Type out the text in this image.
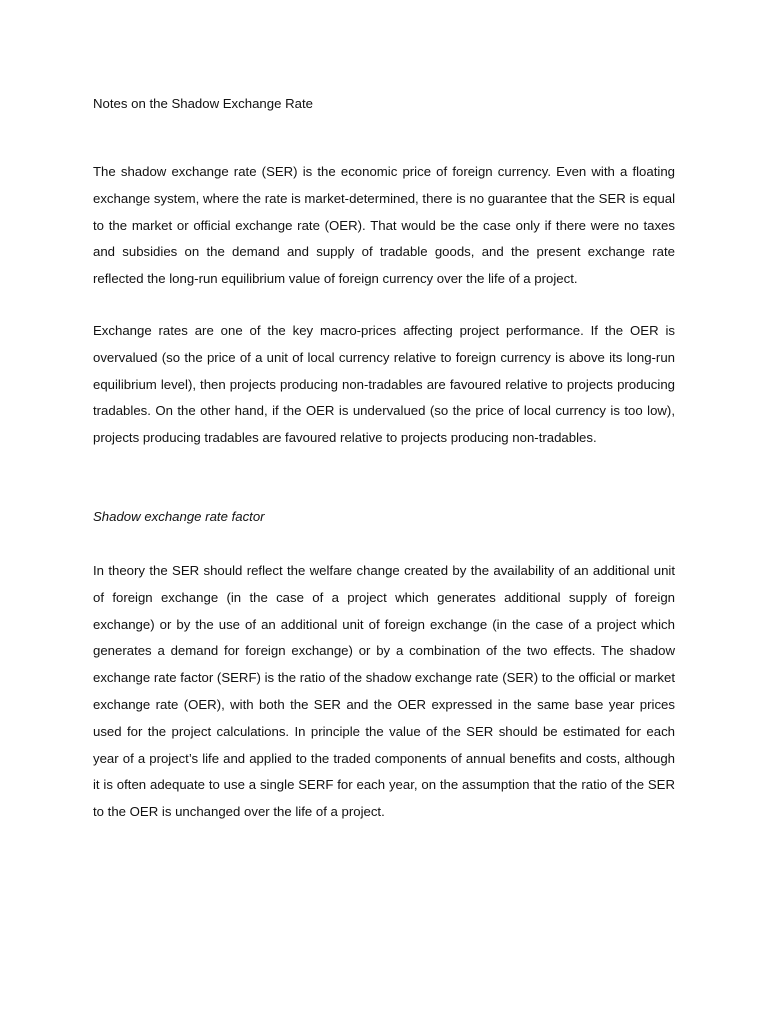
Notes on the Shadow Exchange Rate

The shadow exchange rate (SER) is the economic price of foreign currency. Even with a floating exchange system, where the rate is market-determined, there is no guarantee that the SER is equal to the market or official exchange rate (OER). That would be the case only if there were no taxes and subsidies on the demand and supply of tradable goods, and the present exchange rate reflected the long-run equilibrium value of foreign currency over the life of a project.

Exchange rates are one of the key macro-prices affecting project performance. If the OER is overvalued (so the price of a unit of local currency relative to foreign currency is above its long-run equilibrium level), then projects producing non-tradables are favoured relative to projects producing tradables. On the other hand, if the OER is undervalued (so the price of local currency is too low), projects producing tradables are favoured relative to projects producing non-tradables.

Shadow exchange rate factor

In theory the SER should reflect the welfare change created by the availability of an additional unit of foreign exchange (in the case of a project which generates additional supply of foreign exchange) or by the use of an additional unit of foreign exchange (in the case of a project which generates a demand for foreign exchange) or by a combination of the two effects. The shadow exchange rate factor (SERF) is the ratio of the shadow exchange rate (SER) to the official or market exchange rate (OER), with both the SER and the OER expressed in the same base year prices used for the project calculations. In principle the value of the SER should be estimated for each year of a project’s life and applied to the traded components of annual benefits and costs, although it is often adequate to use a single SERF for each year, on the assumption that the ratio of the SER to the OER is unchanged over the life of a project.
